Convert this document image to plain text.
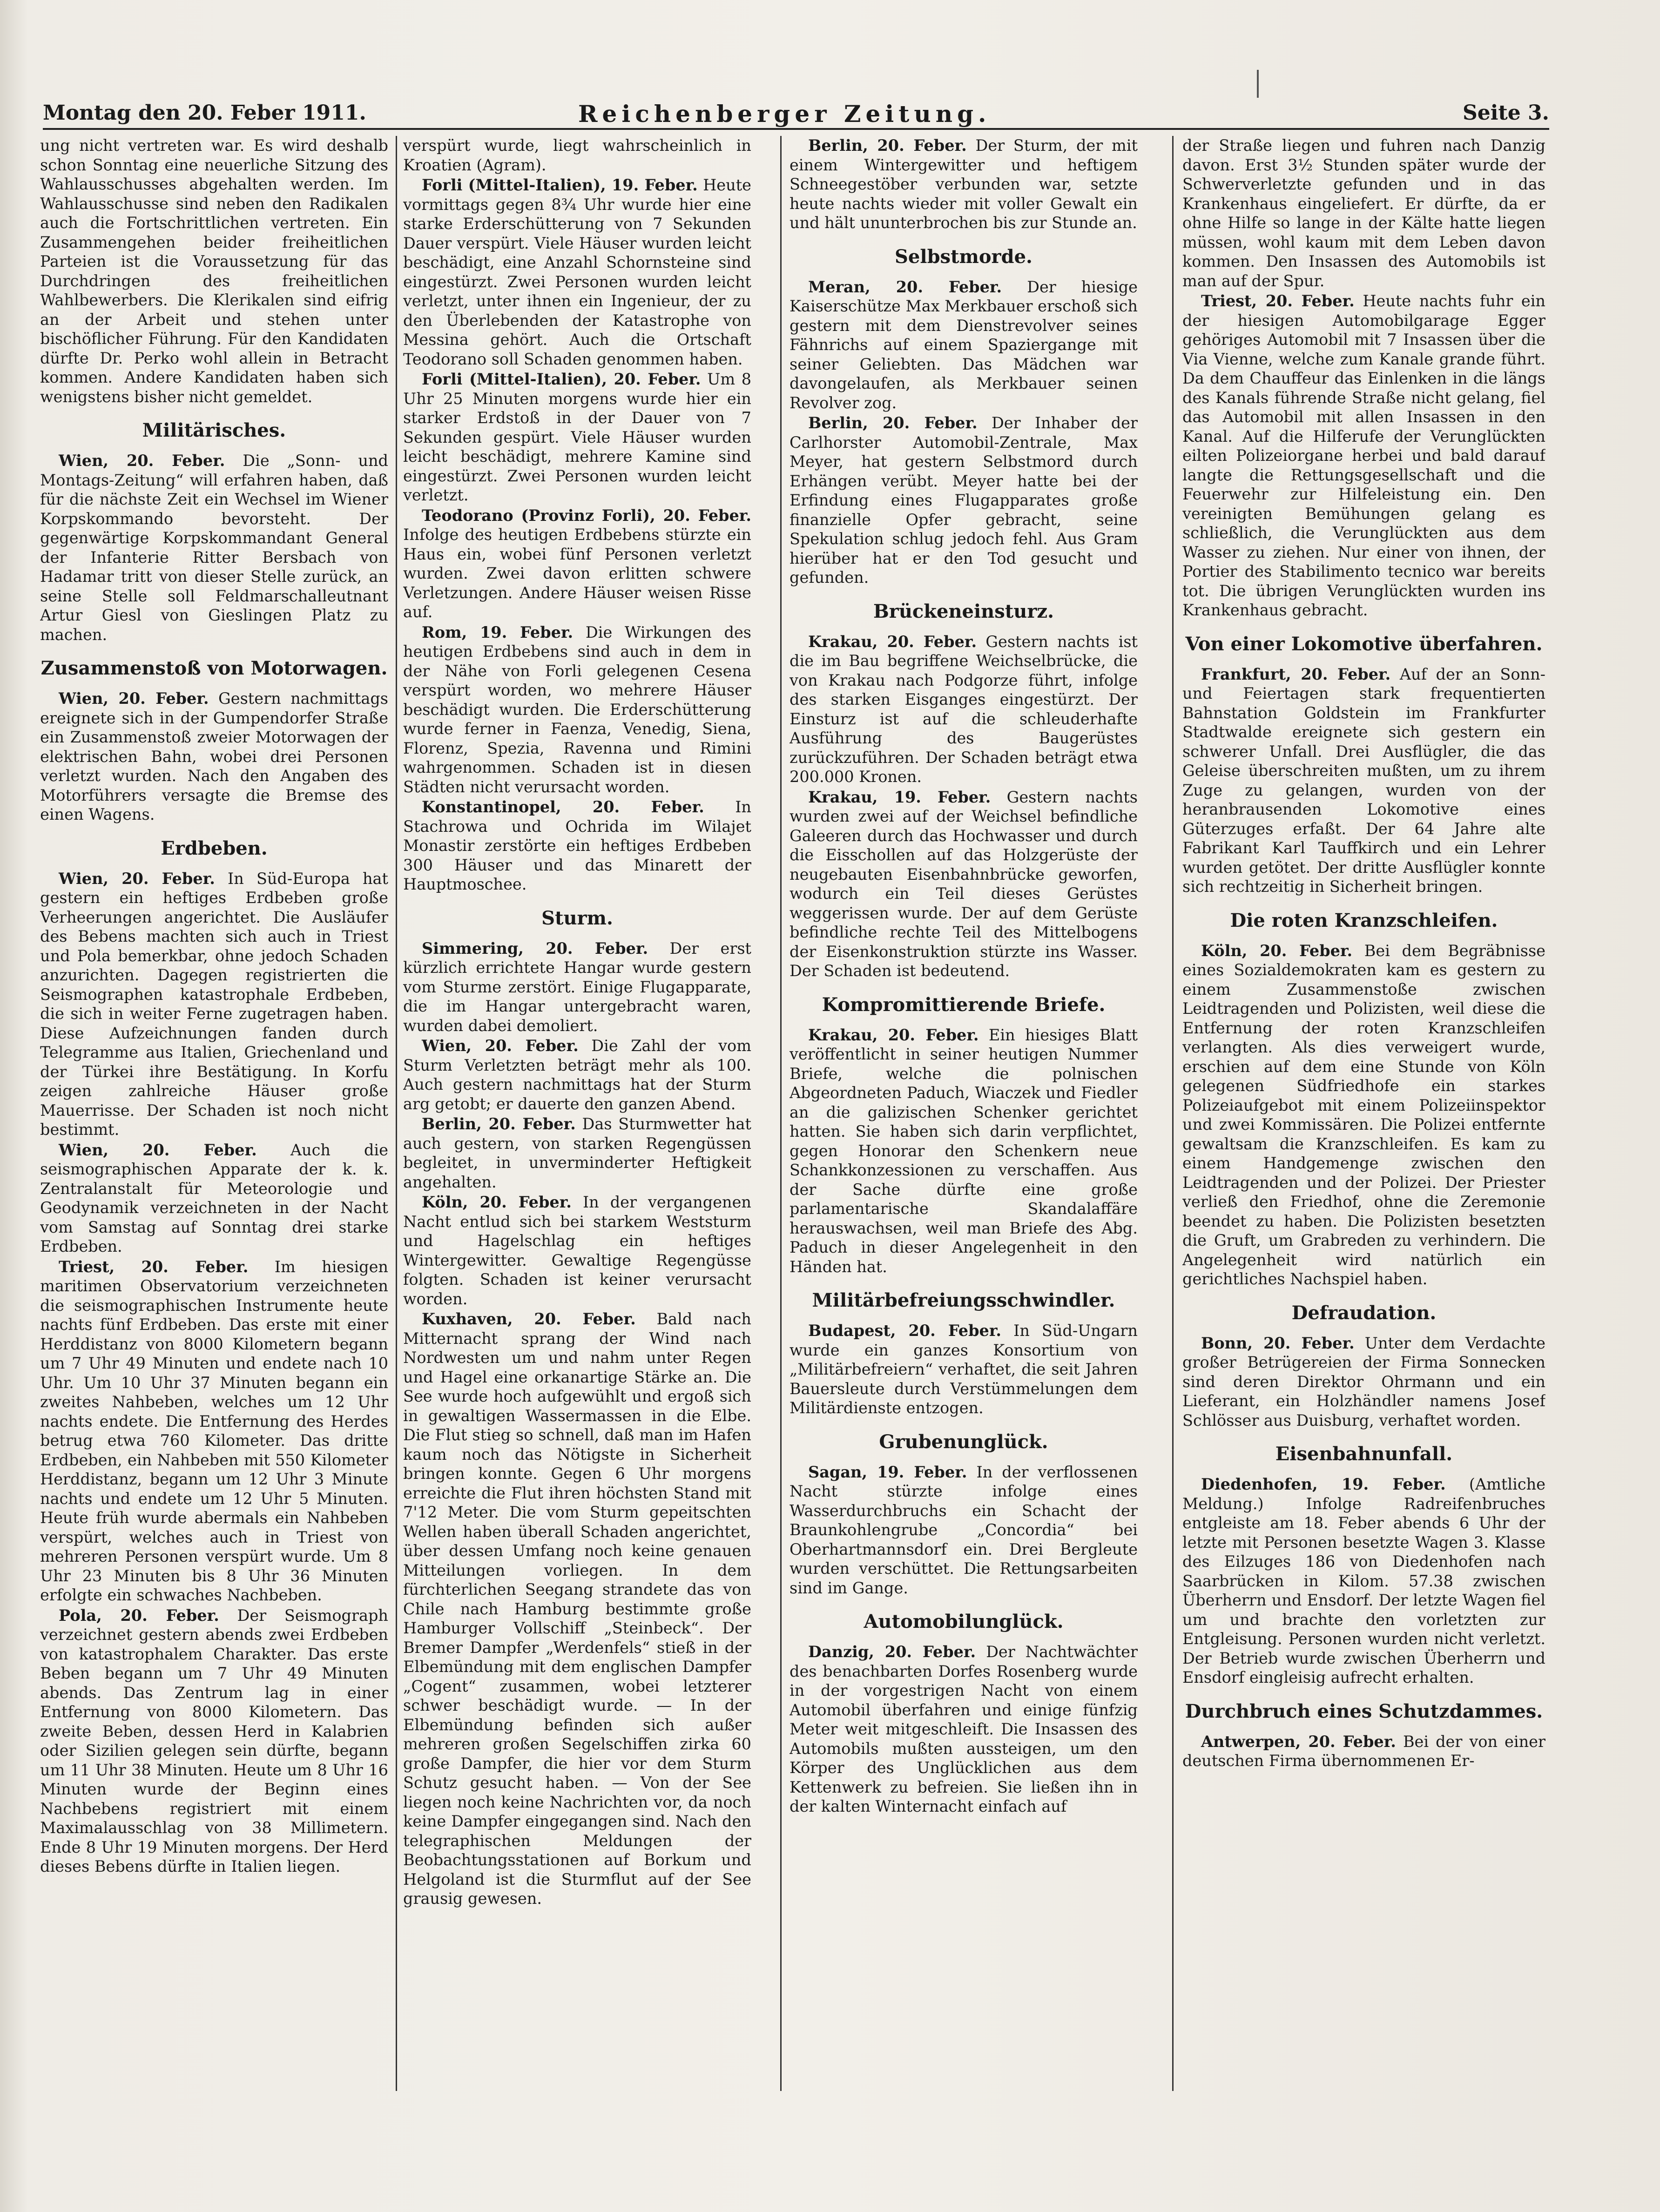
Montag den 20. Feber 1911.	Reichenberger Zeitung.	Seite 3.

ung nicht vertreten war. Es wird deshalb schon Sonntag eine neuerliche Sitzung des Wahlausschusses abgehalten werden. Im Wahlausschusse sind neben den Radikalen auch die Fortschrittlichen vertreten. Ein Zusammengehen beider freiheitlichen Parteien ist die Voraussetzung für das Durchdringen des freiheitlichen Wahlbewerbers. Die Klerikalen sind eifrig an der Arbeit und stehen unter bischöflicher Führung. Für den Kandidaten dürfte Dr. Perko wohl allein in Betracht kommen. Andere Kandidaten haben sich wenigstens bisher nicht gemeldet.

Militärisches.

Wien, 20. Feber. Die „Sonn- und Montags-Zeitung“ will erfahren haben, daß für die nächste Zeit ein Wechsel im Wiener Korpskommando bevorsteht. Der gegenwärtige Korpskommandant General der Infanterie Ritter Bersbach von Hadamar tritt von dieser Stelle zurück, an seine Stelle soll Feldmarschalleutnant Artur Giesl von Gieslingen Platz zu machen.

Zusammenstoß von Motorwagen.

Wien, 20. Feber. Gestern nachmittags ereignete sich in der Gumpendorfer Straße ein Zusammenstoß zweier Motorwagen der elektrischen Bahn, wobei drei Personen verletzt wurden. Nach den Angaben des Motorführers versagte die Bremse des einen Wagens.

Erdbeben.

Wien, 20. Feber. In Süd-Europa hat gestern ein heftiges Erdbeben große Verheerungen angerichtet. Die Ausläufer des Bebens machten sich auch in Triest und Pola bemerkbar, ohne jedoch Schaden anzurichten. Dagegen registrierten die Seismographen katastrophale Erdbeben, die sich in weiter Ferne zugetragen haben. Diese Aufzeichnungen fanden durch Telegramme aus Italien, Griechenland und der Türkei ihre Bestätigung. In Korfu zeigen zahlreiche Häuser große Mauerrisse. Der Schaden ist noch nicht bestimmt.

Wien, 20. Feber. Auch die seismographischen Apparate der k. k. Zentralanstalt für Meteorologie und Geodynamik verzeichneten in der Nacht vom Samstag auf Sonntag drei starke Erdbeben.

Triest, 20. Feber. Im hiesigen maritimen Observatorium verzeichneten die seismographischen Instrumente heute nachts fünf Erdbeben. Das erste mit einer Herddistanz von 8000 Kilometern begann um 7 Uhr 49 Minuten und endete nach 10 Uhr. Um 10 Uhr 37 Minuten begann ein zweites Nahbeben, welches um 12 Uhr nachts endete. Die Entfernung des Herdes betrug etwa 760 Kilometer. Das dritte Erdbeben, ein Nahbeben mit 550 Kilometer Herddistanz, begann um 12 Uhr 3 Minute nachts und endete um 12 Uhr 5 Minuten. Heute früh wurde abermals ein Nahbeben verspürt, welches auch in Triest von mehreren Personen verspürt wurde. Um 8 Uhr 23 Minuten bis 8 Uhr 36 Minuten erfolgte ein schwaches Nachbeben.

Pola, 20. Feber. Der Seismograph verzeichnet gestern abends zwei Erdbeben von katastrophalem Charakter. Das erste Beben begann um 7 Uhr 49 Minuten abends. Das Zentrum lag in einer Entfernung von 8000 Kilometern. Das zweite Beben, dessen Herd in Kalabrien oder Sizilien gelegen sein dürfte, begann um 11 Uhr 38 Minuten. Heute um 8 Uhr 16 Minuten wurde der Beginn eines Nachbebens registriert mit einem Maximalausschlag von 38 Millimetern. Ende 8 Uhr 19 Minuten morgens. Der Herd dieses Bebens dürfte in Italien liegen.

verspürt wurde, liegt wahrscheinlich in Kroatien (Agram).

Forli (Mittel-Italien), 19. Feber. Heute vormittags gegen 8¾ Uhr wurde hier eine starke Erderschütterung von 7 Sekunden Dauer verspürt. Viele Häuser wurden leicht beschädigt, eine Anzahl Schornsteine sind eingestürzt. Zwei Personen wurden leicht verletzt, unter ihnen ein Ingenieur, der zu den Überlebenden der Katastrophe von Messina gehört. Auch die Ortschaft Teodorano soll Schaden genommen haben.

Forli (Mittel-Italien), 20. Feber. Um 8 Uhr 25 Minuten morgens wurde hier ein starker Erdstoß in der Dauer von 7 Sekunden gespürt. Viele Häuser wurden leicht beschädigt, mehrere Kamine sind eingestürzt. Zwei Personen wurden leicht verletzt.

Teodorano (Provinz Forli), 20. Feber. Infolge des heutigen Erdbebens stürzte ein Haus ein, wobei fünf Personen verletzt wurden. Zwei davon erlitten schwere Verletzungen. Andere Häuser weisen Risse auf.

Rom, 19. Feber. Die Wirkungen des heutigen Erdbebens sind auch in dem in der Nähe von Forli gelegenen Cesena verspürt worden, wo mehrere Häuser beschädigt wurden. Die Erderschütterung wurde ferner in Faenza, Venedig, Siena, Florenz, Spezia, Ravenna und Rimini wahrgenommen. Schaden ist in diesen Städten nicht verursacht worden.

Konstantinopel, 20. Feber. In Stachrowa und Ochrida im Wilajet Monastir zerstörte ein heftiges Erdbeben 300 Häuser und das Minarett der Hauptmoschee.

Sturm.

Simmering, 20. Feber. Der erst kürzlich errichtete Hangar wurde gestern vom Sturme zerstört. Einige Flugapparate, die im Hangar untergebracht waren, wurden dabei demoliert.

Wien, 20. Feber. Die Zahl der vom Sturm Verletzten beträgt mehr als 100. Auch gestern nachmittags hat der Sturm arg getobt; er dauerte den ganzen Abend.

Berlin, 20. Feber. Das Sturmwetter hat auch gestern, von starken Regengüssen begleitet, in unverminderter Heftigkeit angehalten.

Köln, 20. Feber. In der vergangenen Nacht entlud sich bei starkem Weststurm und Hagelschlag ein heftiges Wintergewitter. Gewaltige Regengüsse folgten. Schaden ist keiner verursacht worden.

Kuxhaven, 20. Feber. Bald nach Mitternacht sprang der Wind nach Nordwesten um und nahm unter Regen und Hagel eine orkanartige Stärke an. Die See wurde hoch aufgewühlt und ergoß sich in gewaltigen Wassermassen in die Elbe. Die Flut stieg so schnell, daß man im Hafen kaum noch das Nötigste in Sicherheit bringen konnte. Gegen 6 Uhr morgens erreichte die Flut ihren höchsten Stand mit 7'12 Meter. Die vom Sturm gepeitschten Wellen haben überall Schaden angerichtet, über dessen Umfang noch keine genauen Mitteilungen vorliegen. In dem fürchterlichen Seegang strandete das von Chile nach Hamburg bestimmte große Hamburger Vollschiff „Steinbeck“. Der Bremer Dampfer „Werdenfels“ stieß in der Elbemündung mit dem englischen Dampfer „Cogent“ zusammen, wobei letzterer schwer beschädigt wurde. — In der Elbemündung befinden sich außer mehreren großen Segelschiffen zirka 60 große Dampfer, die hier vor dem Sturm Schutz gesucht haben. — Von der See liegen noch keine Nachrichten vor, da noch keine Dampfer eingegangen sind. Nach den telegraphischen Meldungen der Beobachtungsstationen auf Borkum und Helgoland ist die Sturmflut auf der See grausig gewesen.

Berlin, 20. Feber. Der Sturm, der mit einem Wintergewitter und heftigem Schneegestöber verbunden war, setzte heute nachts wieder mit voller Gewalt ein und hält ununterbrochen bis zur Stunde an.

Selbstmorde.

Meran, 20. Feber. Der hiesige Kaiserschütze Max Merkbauer erschoß sich gestern mit dem Dienstrevolver seines Fähnrichs auf einem Spaziergange mit seiner Geliebten. Das Mädchen war davongelaufen, als Merkbauer seinen Revolver zog.

Berlin, 20. Feber. Der Inhaber der Carlhorster Automobil-Zentrale, Max Meyer, hat gestern Selbstmord durch Erhängen verübt. Meyer hatte bei der Erfindung eines Flugapparates große finanzielle Opfer gebracht, seine Spekulation schlug jedoch fehl. Aus Gram hierüber hat er den Tod gesucht und gefunden.

Brückeneinsturz.

Krakau, 20. Feber. Gestern nachts ist die im Bau begriffene Weichselbrücke, die von Krakau nach Podgorze führt, infolge des starken Eisganges eingestürzt. Der Einsturz ist auf die schleuderhafte Ausführung des Baugerüstes zurückzuführen. Der Schaden beträgt etwa 200.000 Kronen.

Krakau, 19. Feber. Gestern nachts wurden zwei auf der Weichsel befindliche Galeeren durch das Hochwasser und durch die Eisschollen auf das Holzgerüste der neugebauten Eisenbahnbrücke geworfen, wodurch ein Teil dieses Gerüstes weggerissen wurde. Der auf dem Gerüste befindliche rechte Teil des Mittelbogens der Eisenkonstruktion stürzte ins Wasser. Der Schaden ist bedeutend.

Kompromittierende Briefe.

Krakau, 20. Feber. Ein hiesiges Blatt veröffentlicht in seiner heutigen Nummer Briefe, welche die polnischen Abgeordneten Paduch, Wiaczek und Fiedler an die galizischen Schenker gerichtet hatten. Sie haben sich darin verpflichtet, gegen Honorar den Schenkern neue Schankkonzessionen zu verschaffen. Aus der Sache dürfte eine große parlamentarische Skandalaffäre herauswachsen, weil man Briefe des Abg. Paduch in dieser Angelegenheit in den Händen hat.

Militärbefreiungsschwindler.

Budapest, 20. Feber. In Süd-Ungarn wurde ein ganzes Konsortium von „Militärbefreiern“ verhaftet, die seit Jahren Bauersleute durch Verstümmelungen dem Militärdienste entzogen.

Grubenunglück.

Sagan, 19. Feber. In der verflossenen Nacht stürzte infolge eines Wasserdurchbruchs ein Schacht der Braunkohlengrube „Concordia“ bei Oberhartmannsdorf ein. Drei Bergleute wurden verschüttet. Die Rettungsarbeiten sind im Gange.

Automobilunglück.

Danzig, 20. Feber. Der Nachtwächter des benachbarten Dorfes Rosenberg wurde in der vorgestrigen Nacht von einem Automobil überfahren und einige fünfzig Meter weit mitgeschleift. Die Insassen des Automobils mußten aussteigen, um den Körper des Unglücklichen aus dem Kettenwerk zu befreien. Sie ließen ihn in der kalten Winternacht einfach auf

der Straße liegen und fuhren nach Danzig davon. Erst 3½ Stunden später wurde der Schwerverletzte gefunden und in das Krankenhaus eingeliefert. Er dürfte, da er ohne Hilfe so lange in der Kälte hatte liegen müssen, wohl kaum mit dem Leben davon kommen. Den Insassen des Automobils ist man auf der Spur.

Triest, 20. Feber. Heute nachts fuhr ein der hiesigen Automobilgarage Egger gehöriges Automobil mit 7 Insassen über die Via Vienne, welche zum Kanale grande führt. Da dem Chauffeur das Einlenken in die längs des Kanals führende Straße nicht gelang, fiel das Automobil mit allen Insassen in den Kanal. Auf die Hilferufe der Verunglückten eilten Polizeiorgane herbei und bald darauf langte die Rettungsgesellschaft und die Feuerwehr zur Hilfeleistung ein. Den vereinigten Bemühungen gelang es schließlich, die Verunglückten aus dem Wasser zu ziehen. Nur einer von ihnen, der Portier des Stabilimento tecnico war bereits tot. Die übrigen Verunglückten wurden ins Krankenhaus gebracht.

Von einer Lokomotive überfahren.

Frankfurt, 20. Feber. Auf der an Sonn- und Feiertagen stark frequentierten Bahnstation Goldstein im Frankfurter Stadtwalde ereignete sich gestern ein schwerer Unfall. Drei Ausflügler, die das Geleise überschreiten mußten, um zu ihrem Zuge zu gelangen, wurden von der heranbrausenden Lokomotive eines Güterzuges erfaßt. Der 64 Jahre alte Fabrikant Karl Tauffkirch und ein Lehrer wurden getötet. Der dritte Ausflügler konnte sich rechtzeitig in Sicherheit bringen.

Die roten Kranzschleifen.

Köln, 20. Feber. Bei dem Begräbnisse eines Sozialdemokraten kam es gestern zu einem Zusammenstoße zwischen Leidtragenden und Polizisten, weil diese die Entfernung der roten Kranzschleifen verlangten. Als dies verweigert wurde, erschien auf dem eine Stunde von Köln gelegenen Südfriedhofe ein starkes Polizeiaufgebot mit einem Polizeiinspektor und zwei Kommissären. Die Polizei entfernte gewaltsam die Kranzschleifen. Es kam zu einem Handgemenge zwischen den Leidtragenden und der Polizei. Der Priester verließ den Friedhof, ohne die Zeremonie beendet zu haben. Die Polizisten besetzten die Gruft, um Grabreden zu verhindern. Die Angelegenheit wird natürlich ein gerichtliches Nachspiel haben.

Defraudation.

Bonn, 20. Feber. Unter dem Verdachte großer Betrügereien der Firma Sonnecken sind deren Direktor Ohrmann und ein Lieferant, ein Holzhändler namens Josef Schlösser aus Duisburg, verhaftet worden.

Eisenbahnunfall.

Diedenhofen, 19. Feber. (Amtliche Meldung.) Infolge Radreifenbruches entgleiste am 18. Feber abends 6 Uhr der letzte mit Personen besetzte Wagen 3. Klasse des Eilzuges 186 von Diedenhofen nach Saarbrücken in Kilom. 57.38 zwischen Überherrn und Ensdorf. Der letzte Wagen fiel um und brachte den vorletzten zur Entgleisung. Personen wurden nicht verletzt. Der Betrieb wurde zwischen Überherrn und Ensdorf eingleisig aufrecht erhalten.

Durchbruch eines Schutzdammes.

Antwerpen, 20. Feber. Bei der von einer deutschen Firma übernommenen Er-
